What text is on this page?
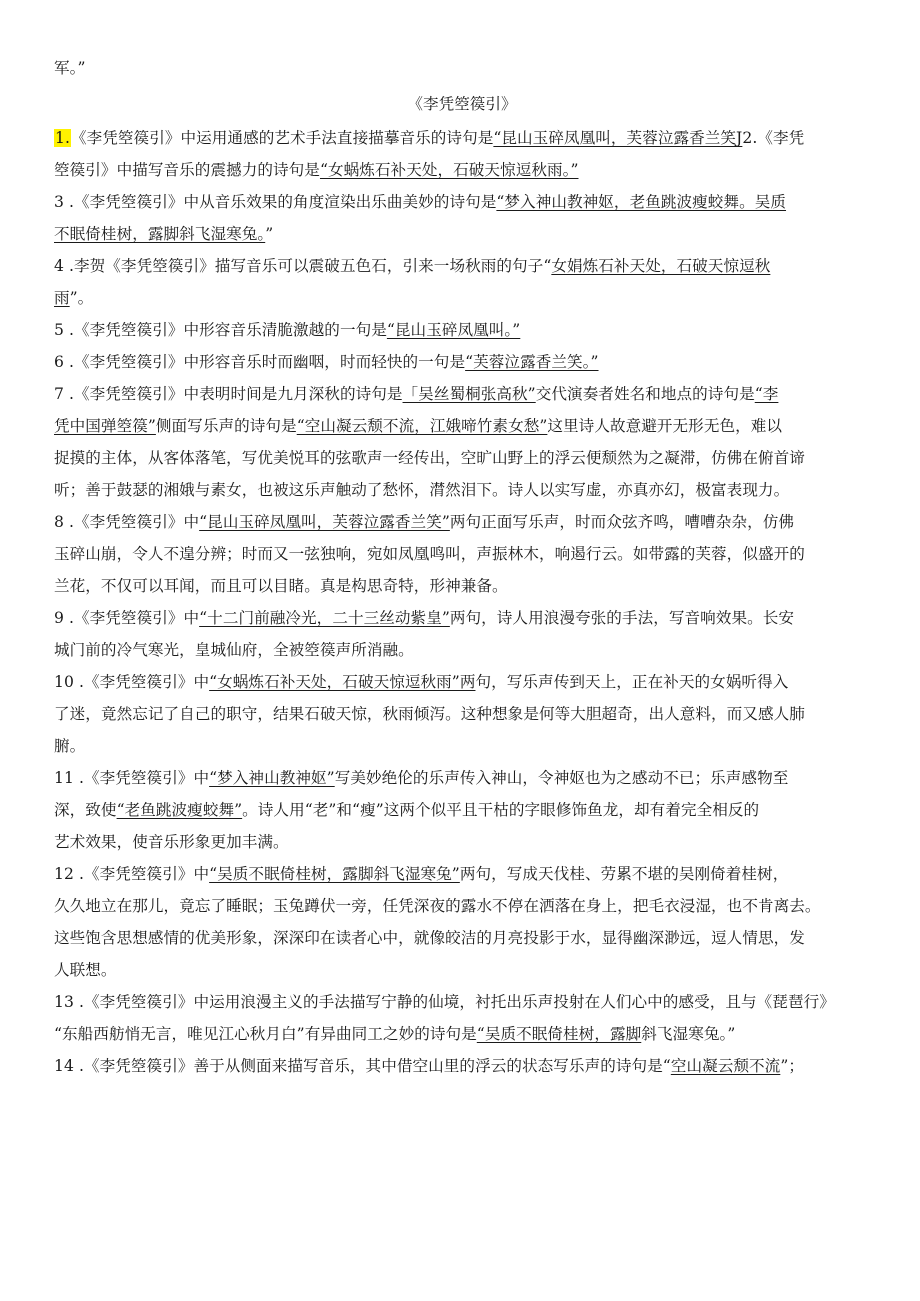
军。”
《李凭箜篌引》
1.《李凭箜篌引》中运用通感的艺术手法直接描摹音乐的诗句是“昆山玉碎凤凰叫，芙蓉泣露香兰笑J2.《李凭
箜篌引》中描写音乐的震撼力的诗句是“女蜗炼石补天处，石破天惊逗秋雨。”
3 .《李凭箜篌引》中从音乐效果的角度渲染出乐曲美妙的诗句是“梦入神山教神妪，老鱼跳波瘦蛟舞。吴质
不眠倚桂树，露脚斜飞湿寒兔。”
4 .李贺《李凭箜篌引》描写音乐可以震破五色石，引来一场秋雨的句子“女娟炼石补天处，石破天惊逗秋
雨”。
5 .《李凭箜篌引》中形容音乐清脆激越的一句是“昆山玉碎凤凰叫。”
6 .《李凭箜篌引》中形容音乐时而幽咽，时而轻快的一句是“芙蓉泣露香兰笑。”
7 .《李凭箜篌引》中表明时间是九月深秋的诗句是「吴丝蜀桐张高秋”交代演奏者姓名和地点的诗句是“李
凭中国弹箜篌”侧面写乐声的诗句是“空山凝云颓不流，江娥啼竹素女愁”这里诗人故意避开无形无色，难以
捉摸的主体，从客体落笔，写优美悦耳的弦歌声一经传出，空旷山野上的浮云便颓然为之凝滞，仿佛在俯首谛
听；善于鼓瑟的湘娥与素女，也被这乐声触动了愁怀，潸然泪下。诗人以实写虚，亦真亦幻，极富表现力。
8 .《李凭箜篌引》中“昆山玉碎凤凰叫，芙蓉泣露香兰笑”两句正面写乐声，时而众弦齐鸣，嘈嘈杂杂，仿佛
玉碎山崩，令人不遑分辨；时而又一弦独响，宛如凤凰鸣叫，声振林木，响遏行云。如带露的芙蓉，似盛开的
兰花，不仅可以耳闻，而且可以目睹。真是构思奇特，形神兼备。
9 .《李凭箜篌引》中“十二门前融冷光，二十三丝动紫皇”两句，诗人用浪漫夸张的手法，写音响效果。长安
城门前的冷气寒光，皇城仙府，全被箜篌声所消融。
10 .《李凭箜篌引》中“女蜗炼石补天处，石破天惊逗秋雨”两句，写乐声传到天上，正在补天的女娲听得入
了迷，竟然忘记了自己的职守，结果石破天惊，秋雨倾泻。这种想象是何等大胆超奇，出人意料，而又感人肺
腑。
11 .《李凭箜篌引》中“梦入神山教神妪”写美妙绝伦的乐声传入神山，令神妪也为之感动不已；乐声感物至
深，致使“老鱼跳波瘦蛟舞”。诗人用“老”和“瘦”这两个似平且干枯的字眼修饰鱼龙，却有着完全相反的
艺术效果，使音乐形象更加丰满。
12 .《李凭箜篌引》中“吴质不眠倚桂树，露脚斜飞湿寒兔”两句，写成天伐桂、劳累不堪的吴刚倚着桂树，
久久地立在那儿，竟忘了睡眠；玉兔蹲伏一旁，任凭深夜的露水不停在洒落在身上，把毛衣浸湿，也不肯离去。
这些饱含思想感情的优美形象，深深印在读者心中，就像皎洁的月亮投影于水，显得幽深渺远，逗人情思，发
人联想。
13 .《李凭箜篌引》中运用浪漫主义的手法描写宁静的仙境，衬托出乐声投射在人们心中的感受，且与《琵琶行》
“东船西舫悄无言，唯见江心秋月白”有异曲同工之妙的诗句是“吴质不眠倚桂树，露脚斜飞湿寒兔。”
14 .《李凭箜篌引》善于从侧面来描写音乐，其中借空山里的浮云的状态写乐声的诗句是“空山凝云颓不流”；
